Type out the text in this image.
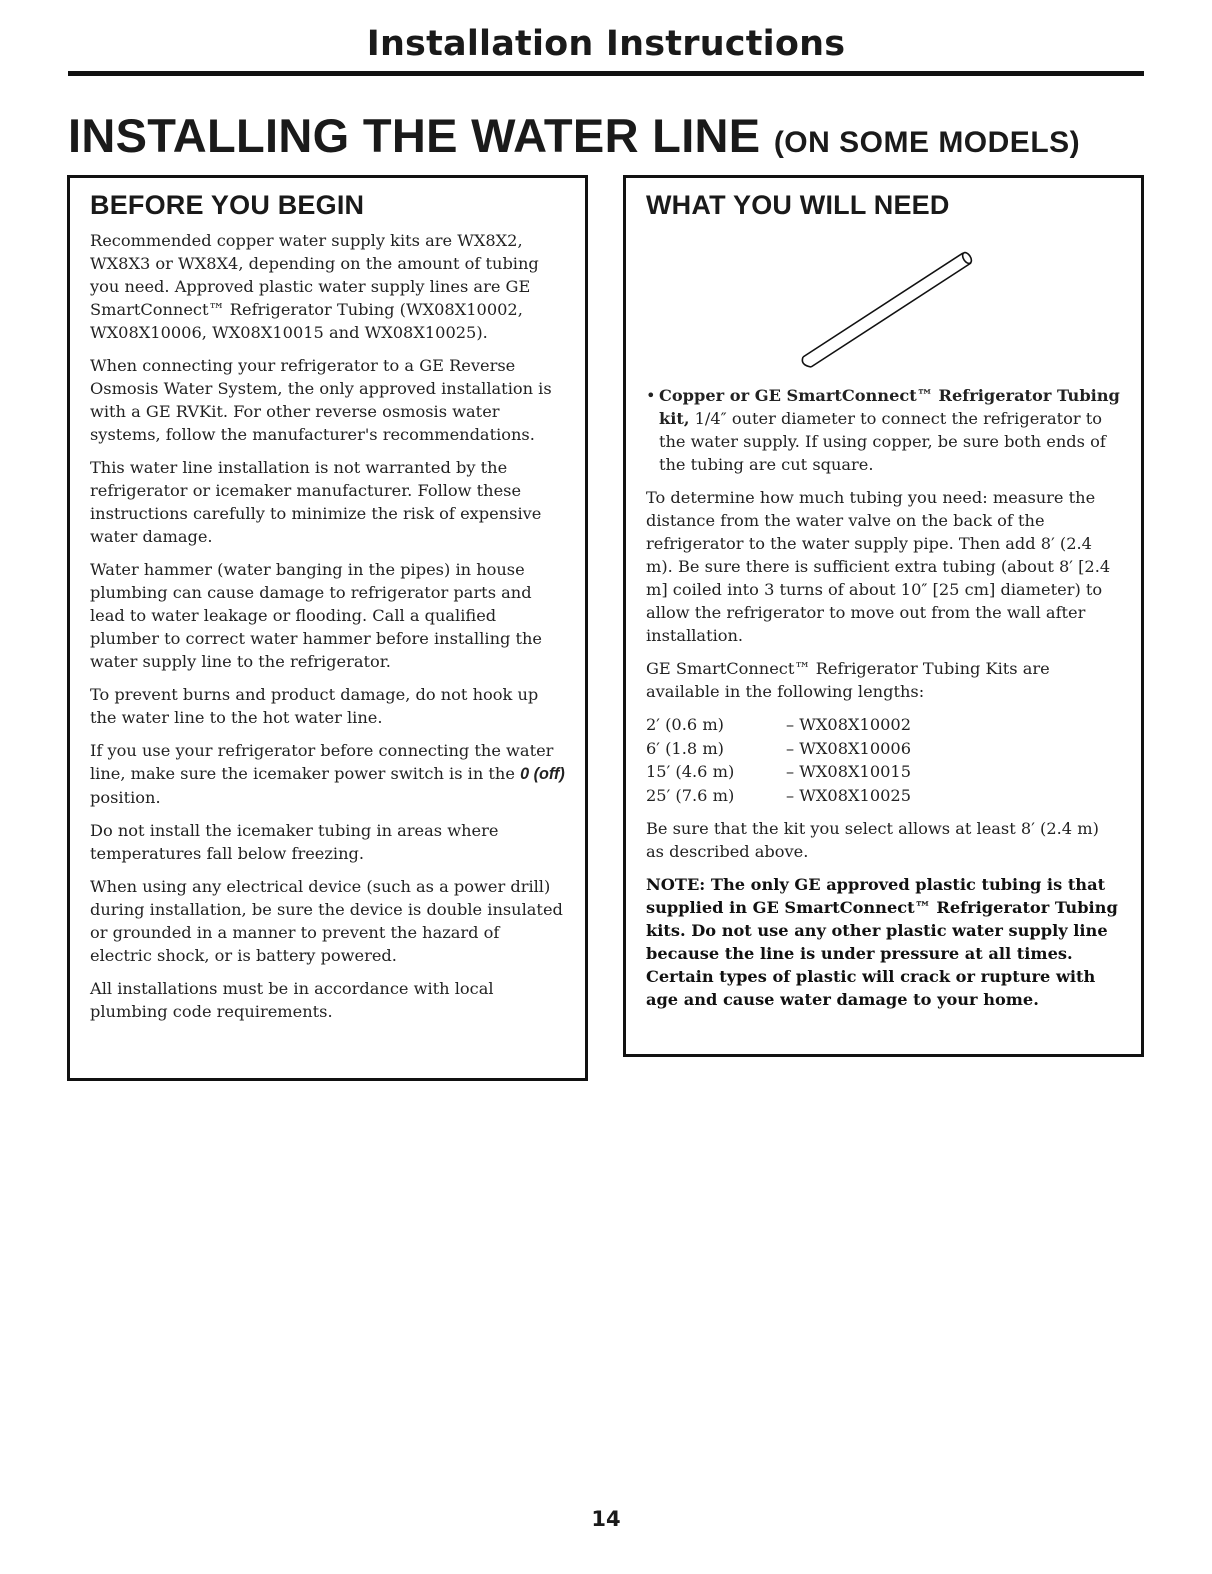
Installation Instructions
INSTALLING THE WATER LINE (ON SOME MODELS)
BEFORE YOU BEGIN

Recommended copper water supply kits are WX8X2, WX8X3 or WX8X4, depending on the amount of tubing you need. Approved plastic water supply lines are GE SmartConnect™ Refrigerator Tubing (WX08X10002, WX08X10006, WX08X10015 and WX08X10025).

When connecting your refrigerator to a GE Reverse Osmosis Water System, the only approved installation is with a GE RVKit. For other reverse osmosis water systems, follow the manufacturer's recommendations.

This water line installation is not warranted by the refrigerator or icemaker manufacturer. Follow these instructions carefully to minimize the risk of expensive water damage.

Water hammer (water banging in the pipes) in house plumbing can cause damage to refrigerator parts and lead to water leakage or flooding. Call a qualified plumber to correct water hammer before installing the water supply line to the refrigerator.

To prevent burns and product damage, do not hook up the water line to the hot water line.

If you use your refrigerator before connecting the water line, make sure the icemaker power switch is in the 0 (off) position.

Do not install the icemaker tubing in areas where temperatures fall below freezing.

When using any electrical device (such as a power drill) during installation, be sure the device is double insulated or grounded in a manner to prevent the hazard of electric shock, or is battery powered.

All installations must be in accordance with local plumbing code requirements.

WHAT YOU WILL NEED

• Copper or GE SmartConnect™ Refrigerator Tubing kit, 1/4″ outer diameter to connect the refrigerator to the water supply. If using copper, be sure both ends of the tubing are cut square.

To determine how much tubing you need: measure the distance from the water valve on the back of the refrigerator to the water supply pipe. Then add 8′ (2.4 m). Be sure there is sufficient extra tubing (about 8′ [2.4 m] coiled into 3 turns of about 10″ [25 cm] diameter) to allow the refrigerator to move out from the wall after installation.

GE SmartConnect™ Refrigerator Tubing Kits are available in the following lengths:

2′ (0.6 m)	– WX08X10002
6′ (1.8 m)	– WX08X10006
15′ (4.6 m)	– WX08X10015
25′ (7.6 m)	– WX08X10025

Be sure that the kit you select allows at least 8′ (2.4 m) as described above.

NOTE: The only GE approved plastic tubing is that supplied in GE SmartConnect™ Refrigerator Tubing kits. Do not use any other plastic water supply line because the line is under pressure at all times. Certain types of plastic will crack or rupture with age and cause water damage to your home.

14
